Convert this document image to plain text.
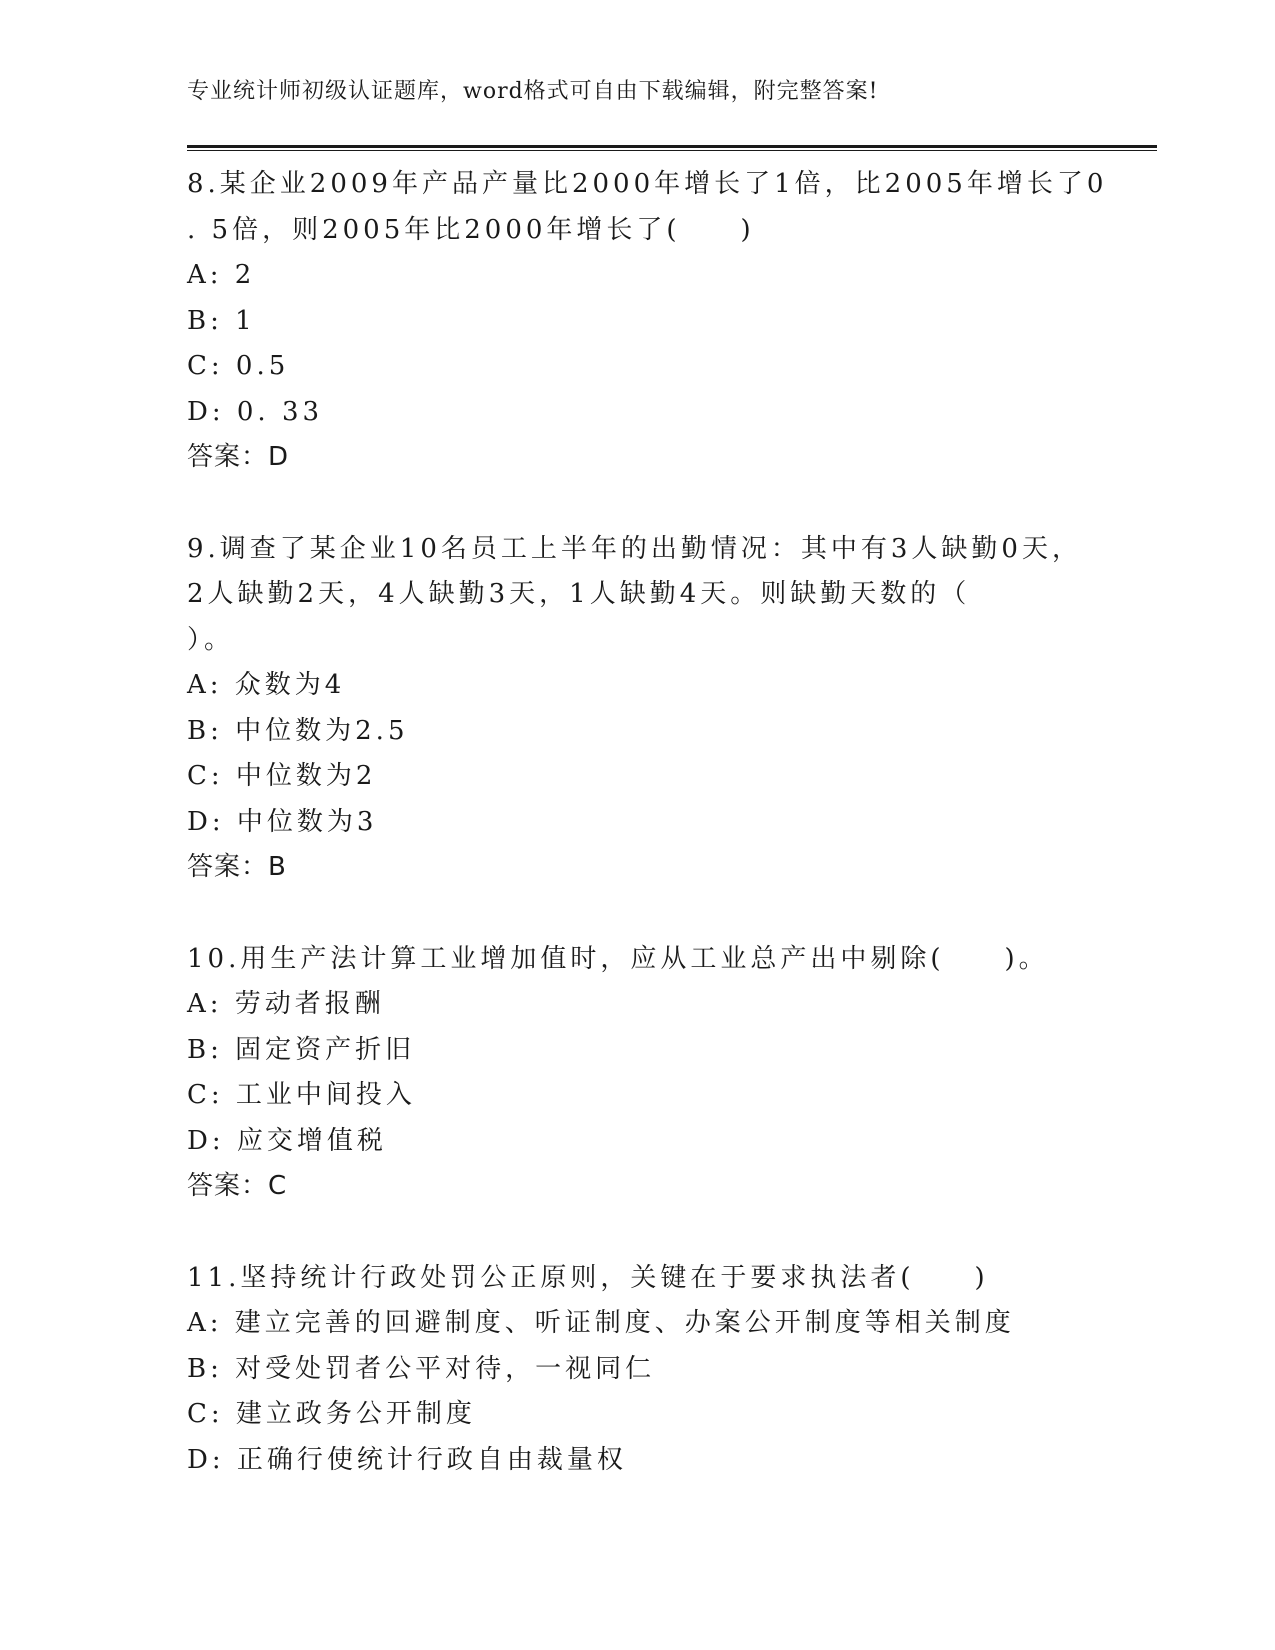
专业统计师初级认证题库，word格式可自由下载编辑，附完整答案!
8.某企业2009年产品产量比2000年增长了1倍，比2005年增长了0
. 5倍，则2005年比2000年增长了(　　)
A: 2
B: 1
C: 0.5
D: 0. 33
答案：D
9.调查了某企业10名员工上半年的出勤情况：其中有3人缺勤0天，
2人缺勤2天，4人缺勤3天，1人缺勤4天。则缺勤天数的（
）。
A: 众数为4
B: 中位数为2.5
C: 中位数为2
D: 中位数为3
答案：B
10.用生产法计算工业增加值时，应从工业总产出中剔除(　　)。
A: 劳动者报酬
B: 固定资产折旧
C: 工业中间投入
D: 应交增值税
答案：C
11.坚持统计行政处罚公正原则，关键在于要求执法者(　　)
A: 建立完善的回避制度、听证制度、办案公开制度等相关制度
B: 对受处罚者公平对待，一视同仁
C: 建立政务公开制度
D: 正确行使统计行政自由裁量权
